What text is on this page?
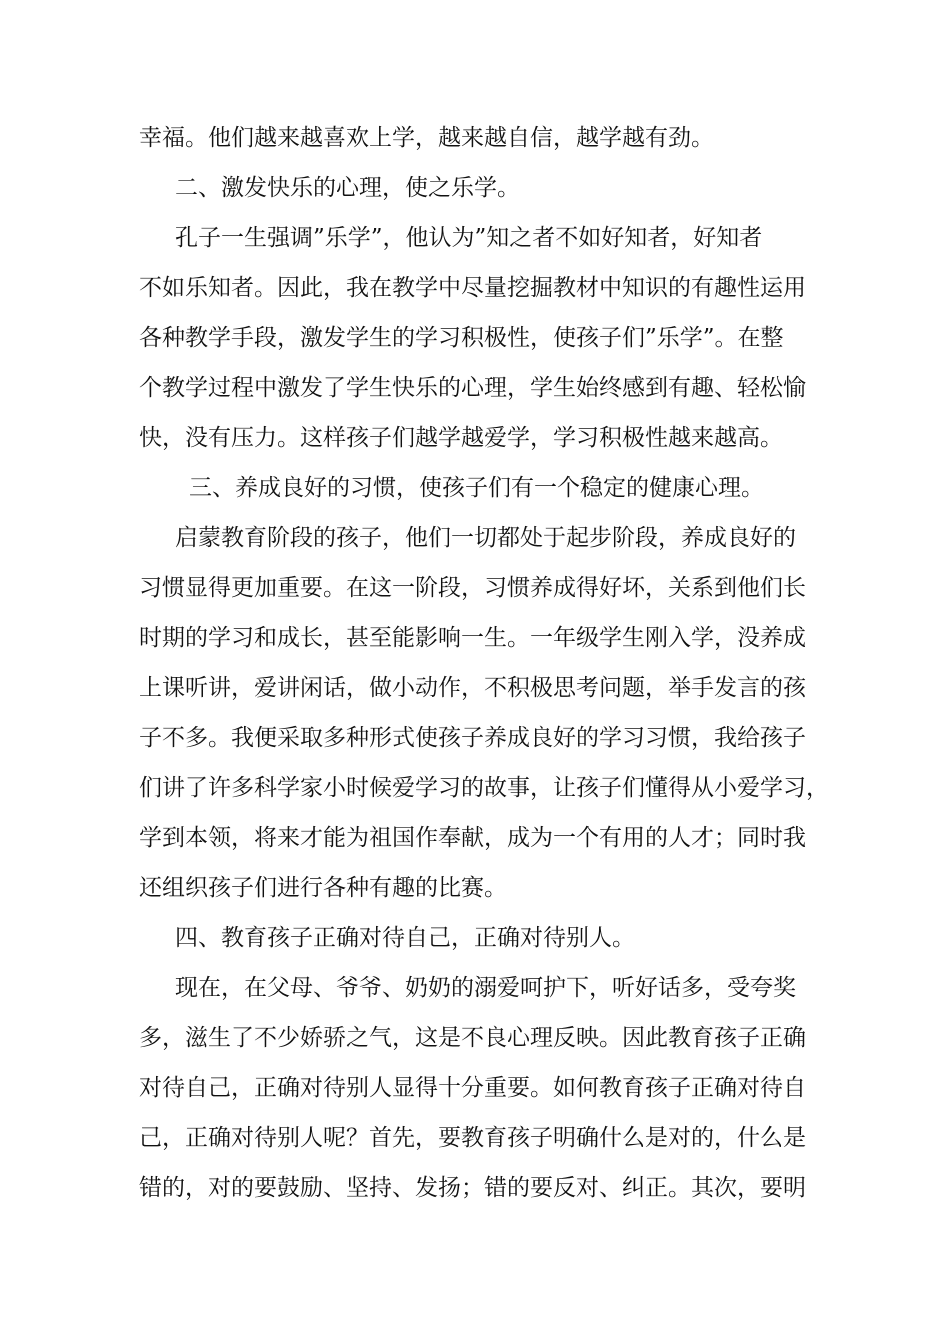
幸福。他们越来越喜欢上学，越来越自信，越学越有劲。

二、激发快乐的心理，使之乐学。

孔子一生强调”乐学”，他认为”知之者不如好知者，好知者

不如乐知者。因此，我在教学中尽量挖掘教材中知识的有趣性运用

各种教学手段，激发学生的学习积极性，使孩子们”乐学”。在整

个教学过程中激发了学生快乐的心理，学生始终感到有趣、轻松愉

快，没有压力。这样孩子们越学越爱学，学习积极性越来越高。

三、养成良好的习惯，使孩子们有一个稳定的健康心理。

启蒙教育阶段的孩子，他们一切都处于起步阶段，养成良好的

习惯显得更加重要。在这一阶段，习惯养成得好坏，关系到他们长

时期的学习和成长，甚至能影响一生。一年级学生刚入学，没养成

上课听讲，爱讲闲话，做小动作，不积极思考问题，举手发言的孩

子不多。我便采取多种形式使孩子养成良好的学习习惯，我给孩子

们讲了许多科学家小时候爱学习的故事，让孩子们懂得从小爱学习，

学到本领，将来才能为祖国作奉献，成为一个有用的人才；同时我

还组织孩子们进行各种有趣的比赛。

四、教育孩子正确对待自己，正确对待别人。

现在，在父母、爷爷、奶奶的溺爱呵护下，听好话多，受夸奖

多，滋生了不少娇骄之气，这是不良心理反映。因此教育孩子正确

对待自己，正确对待别人显得十分重要。如何教育孩子正确对待自

己，正确对待别人呢？首先，要教育孩子明确什么是对的，什么是

错的，对的要鼓励、坚持、发扬；错的要反对、纠正。其次，要明
